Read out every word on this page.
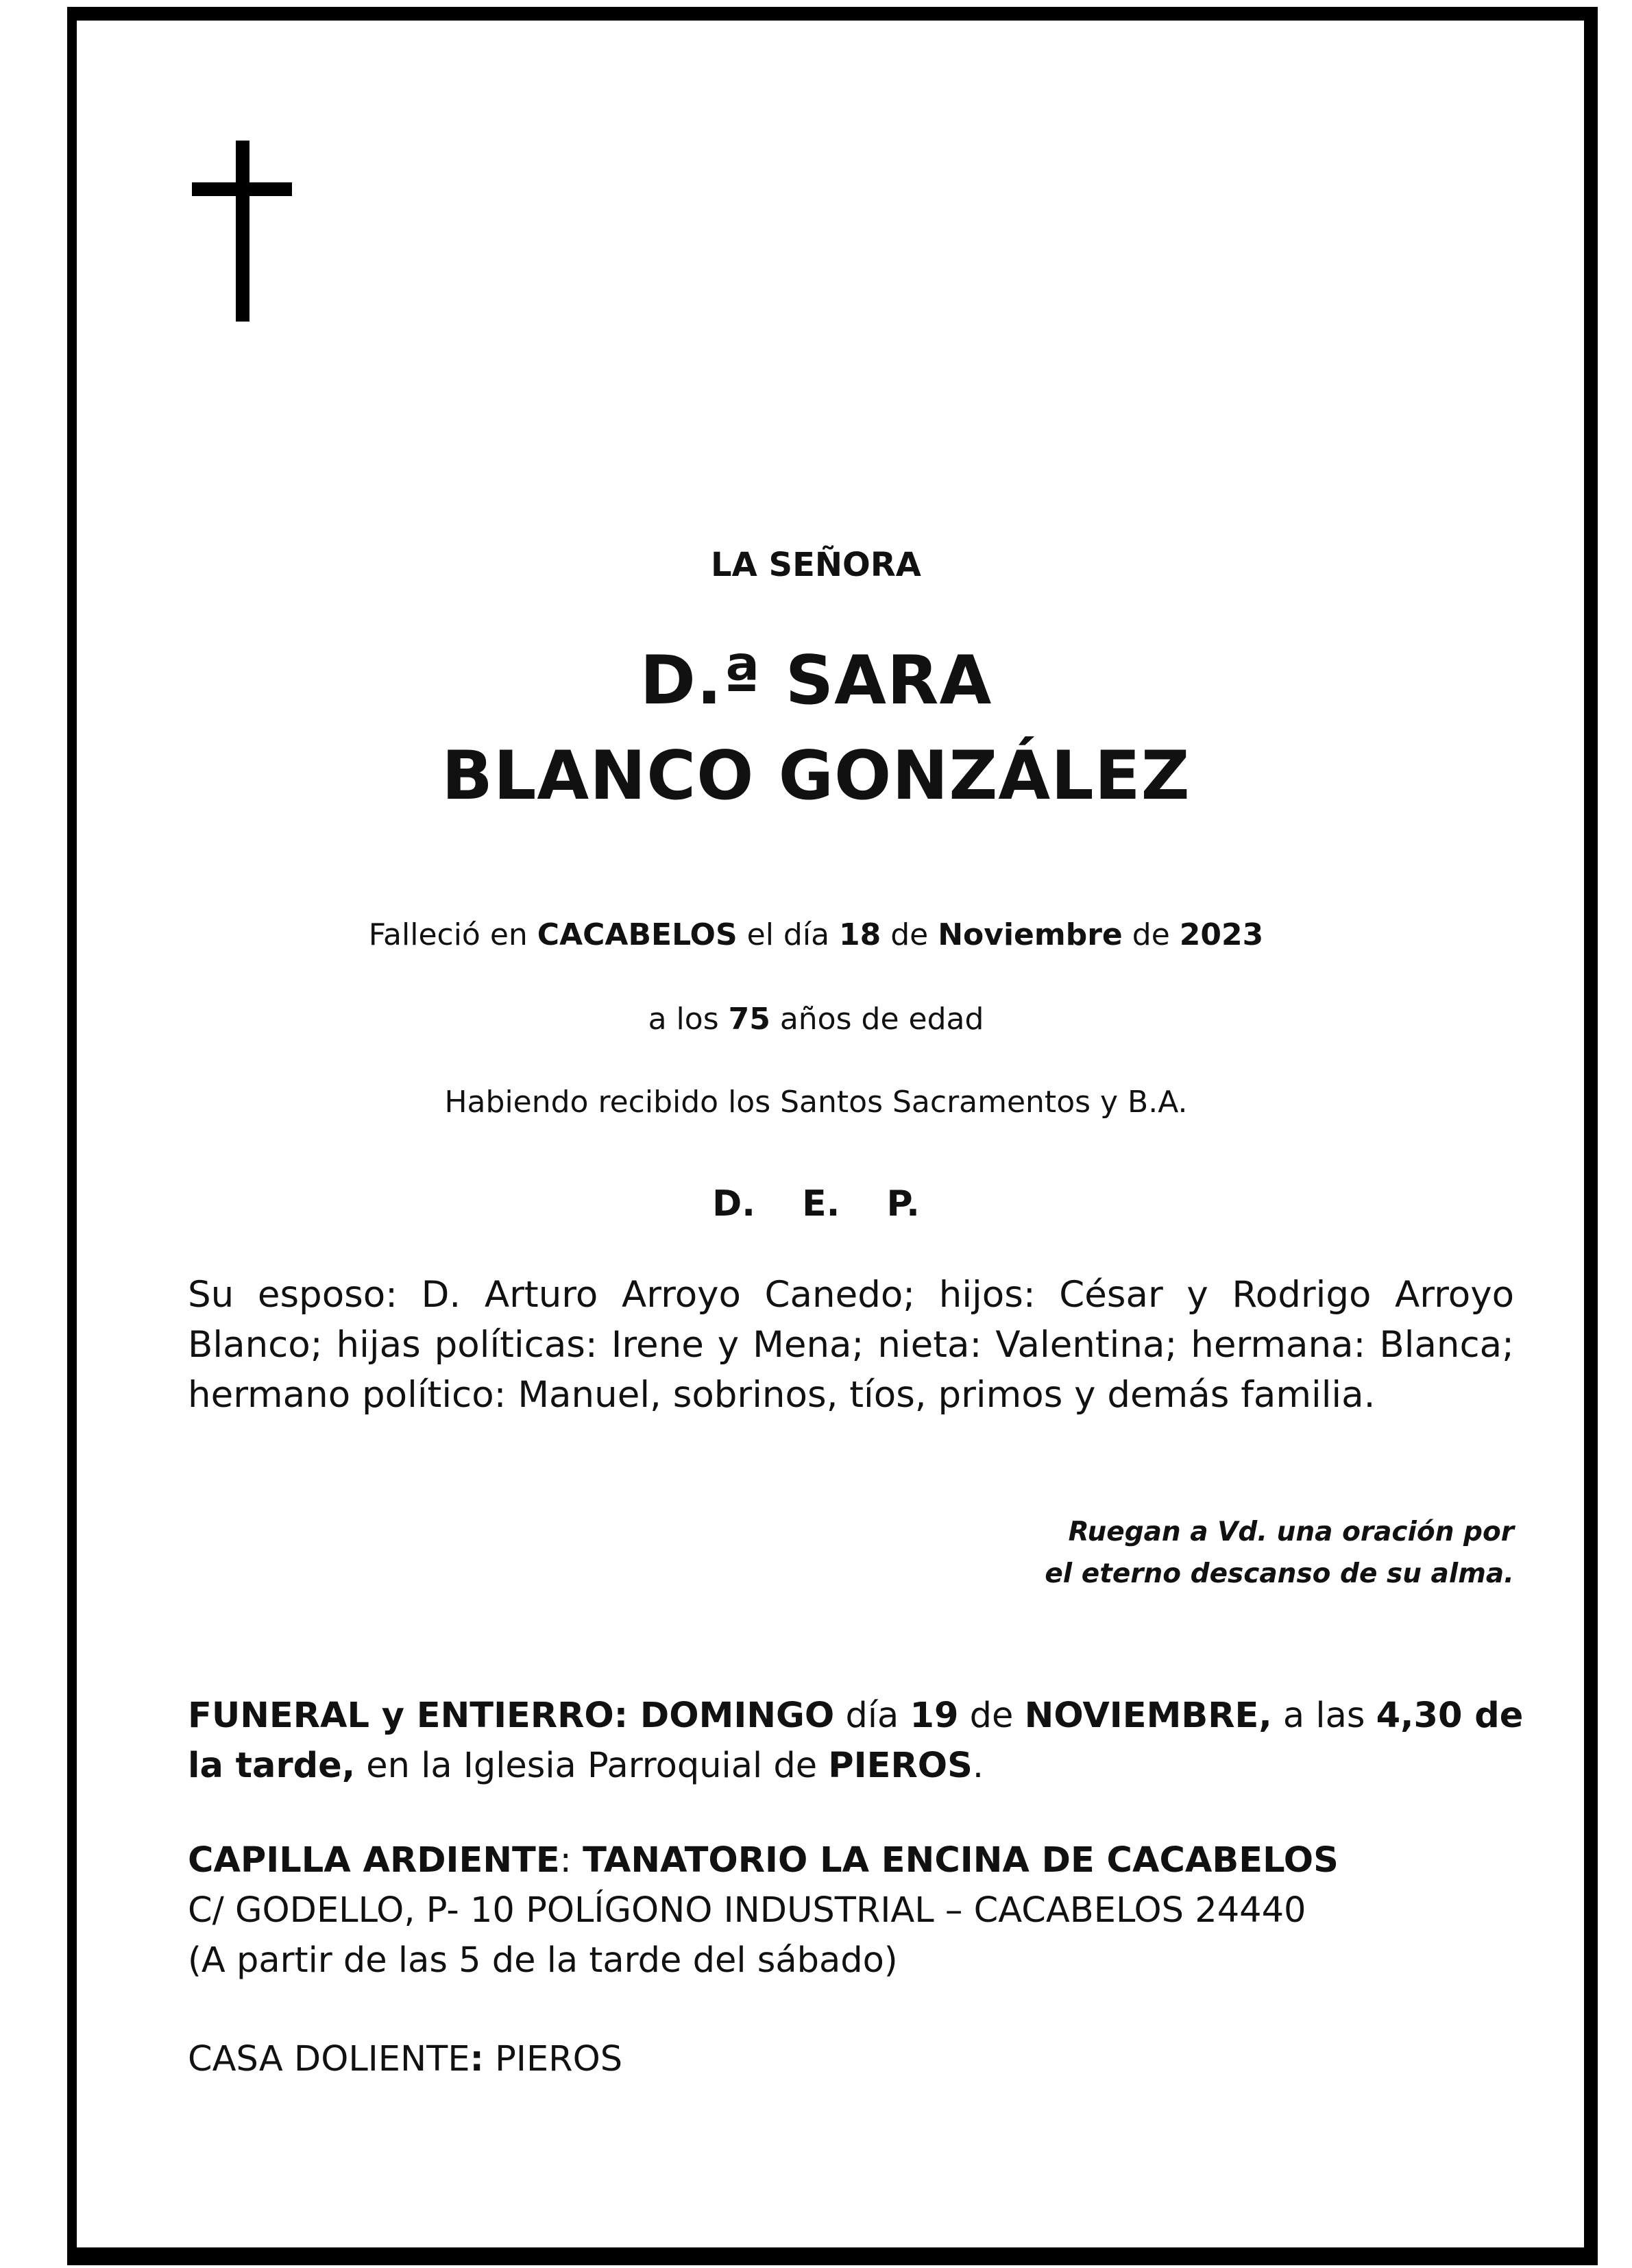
LA SEÑORA
D.ª SARA
BLANCO GONZÁLEZ
Falleció en CACABELOS el día 18 de Noviembre de 2023
a los 75 años de edad
Habiendo recibido los Santos Sacramentos y B.A.
D. E. P.
Su esposo: D. Arturo Arroyo Canedo; hijos: César y Rodrigo Arroyo Blanco; hijas políticas: Irene y Mena; nieta: Valentina; hermana: Blanca; hermano político: Manuel, sobrinos, tíos, primos y demás familia.
Ruegan a Vd. una oración por
el eterno descanso de su alma.
FUNERAL y ENTIERRO: DOMINGO día 19 de NOVIEMBRE, a las 4,30 de la tarde, en la Iglesia Parroquial de PIEROS.
CAPILLA ARDIENTE: TANATORIO LA ENCINA DE CACABELOS
C/ GODELLO, P- 10 POLÍGONO INDUSTRIAL – CACABELOS 24440
(A partir de las 5 de la tarde del sábado)
CASA DOLIENTE: PIEROS
